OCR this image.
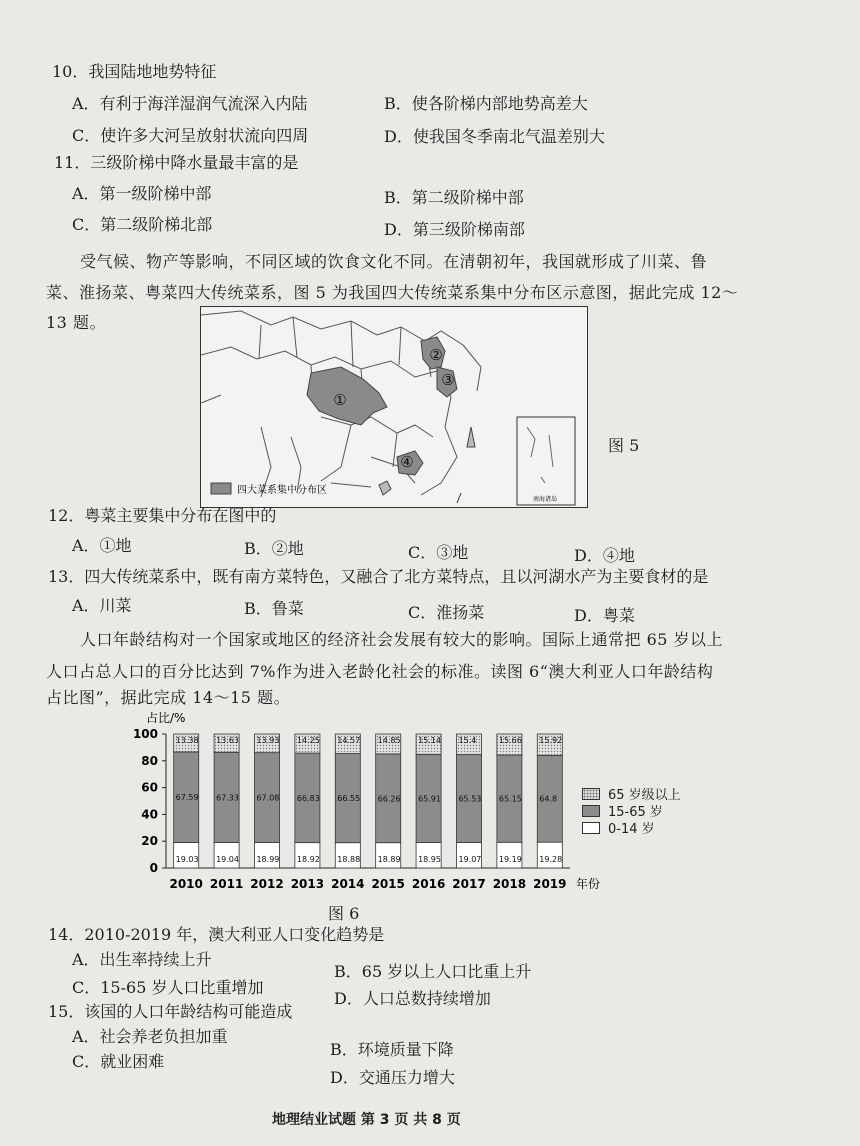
10．我国陆地地势特征
A．有利于海洋湿润气流深入内陆	B．使各阶梯内部地势高差大
C．使许多大河呈放射状流向四周	D．使我国冬季南北气温差别大
11．三级阶梯中降水量最丰富的是
A．第一级阶梯中部	B．第二级阶梯中部
C．第二级阶梯北部	D．第三级阶梯南部
受气候、物产等影响，不同区域的饮食文化不同。在清朝初年，我国就形成了川菜、鲁
菜、淮扬菜、粤菜四大传统菜系，图 5 为我国四大传统菜系集中分布区示意图，据此完成 12～
13 题。
①
②
③
④
四大菜系集中分布区
南海诸岛
图 5
12．粤菜主要集中分布在图中的
A．①地	B．②地	C．③地	D．④地
13．四大传统菜系中，既有南方菜特色，又融合了北方菜特点，且以河湖水产为主要食材的是
A．川菜	B．鲁菜	C．淮扬菜	D．粤菜
人口年龄结构对一个国家或地区的经济社会发展有较大的影响。国际上通常把 65 岁以上
人口占总人口的百分比达到 7%作为进入老龄化社会的标准。读图 6“澳大利亚人口年龄结构
占比图”，据此完成 14～15 题。
占比/%
0
20
40
60
80
100
19.03
67.59
13.38
2010
19.04
67.33
13.63
2011
18.99
67.08
13.93
2012
18.92
66.83
14.25
2013
18.88
66.55
14.57
2014
18.89
66.26
14.85
2015
18.95
65.91
15.14
2016
19.07
65.53
15.4
2017
19.19
65.15
15.66
2018
19.28
64.8
15.92
2019 年份
65 岁级以上
15-65 岁
0-14 岁
图 6
14．2010-2019 年，澳大利亚人口变化趋势是
A．出生率持续上升
B．65 岁以上人口比重上升
C．15-65 岁人口比重增加
D．人口总数持续增加
15．该国的人口年龄结构可能造成
A．社会养老负担加重
B．环境质量下降
C．就业困难
D．交通压力增大
地理结业试题 第 3 页 共 8 页
